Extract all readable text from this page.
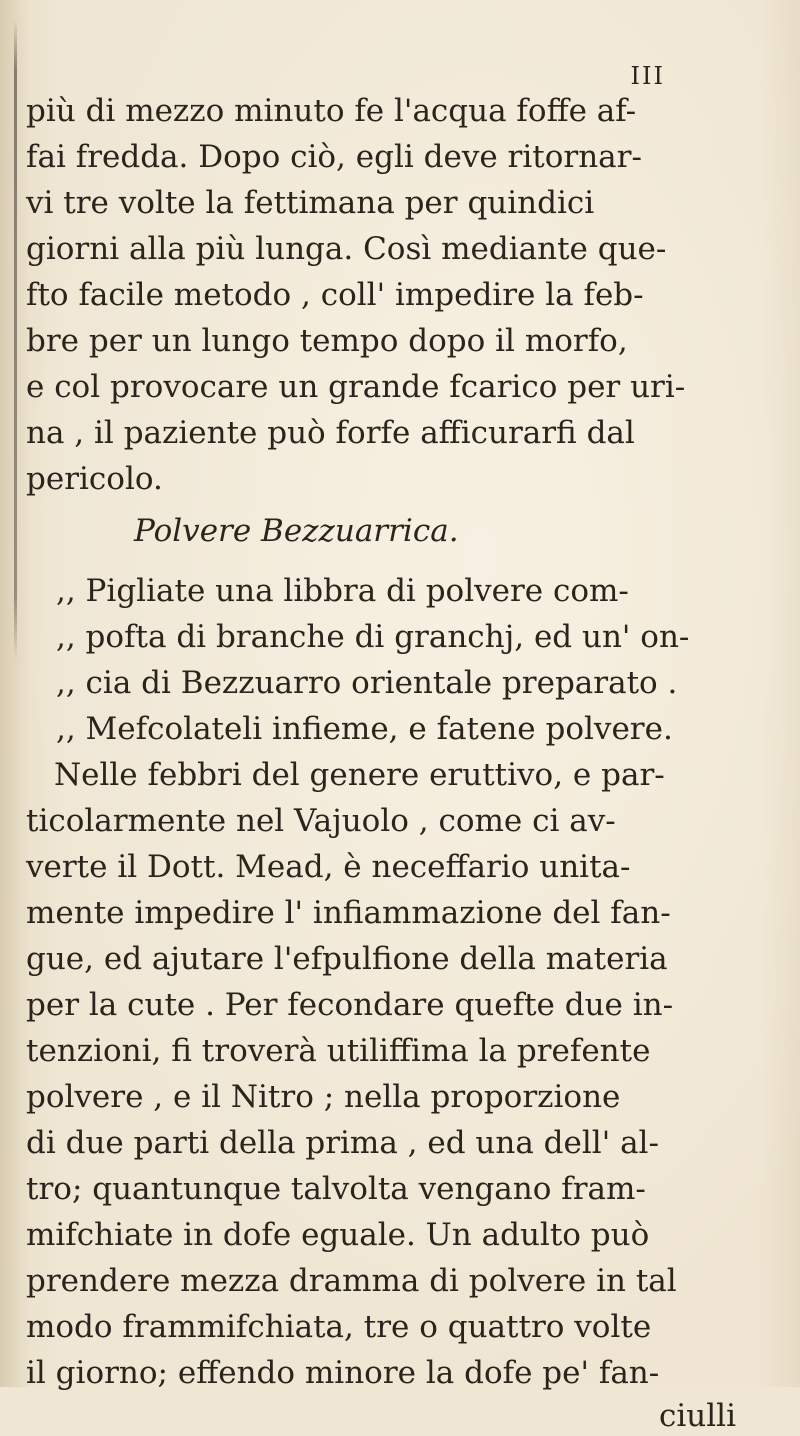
III
più di mezzo minuto fe l'acqua foffe af-
fai fredda. Dopo ciò, egli deve ritornar-
vi tre volte la fettimana per quindici
giorni alla più lunga. Così mediante que-
fto facile metodo , coll' impedire la feb-
bre per un lungo tempo dopo il morfo,
e col provocare un grande fcarico per uri-
na , il paziente può forfe afficurarfi dal
pericolo.
Polvere Bezzuarrica.
,, Pigliate una libbra di polvere com-
,, pofta di branche di granchj, ed un' on-
,, cia di Bezzuarro orientale preparato .
,, Mefcolateli infieme, e fatene polvere.
Nelle febbri del genere eruttivo, e par-
ticolarmente nel Vajuolo , come ci av-
verte il Dott. Mead, è neceffario unita-
mente impedire l' infiammazione del fan-
gue, ed ajutare l'efpulfione della materia
per la cute . Per fecondare quefte due in-
tenzioni, fi troverà utiliffima la prefente
polvere , e il Nitro ; nella proporzione
di due parti della prima , ed una dell' al-
tro; quantunque talvolta vengano fram-
mifchiate in dofe eguale. Un adulto può
prendere mezza dramma di polvere in tal
modo frammifchiata, tre o quattro volte
il giorno; effendo minore la dofe pe' fan-
ciulli
